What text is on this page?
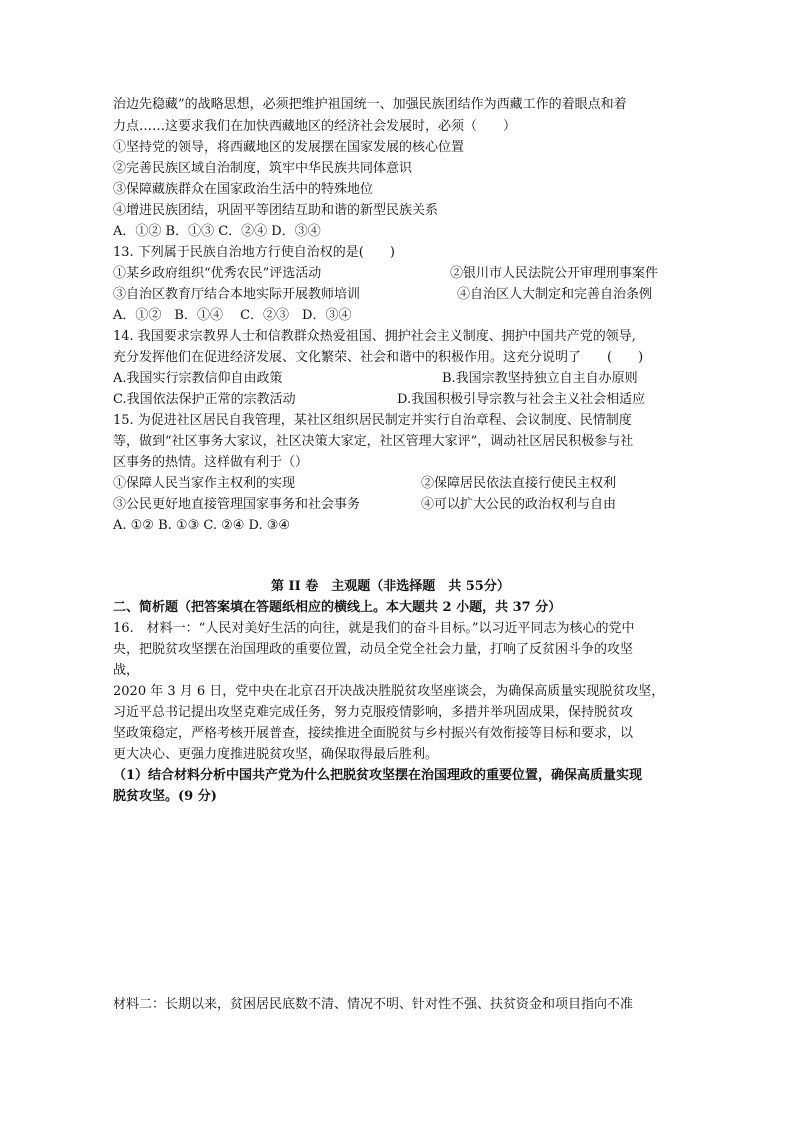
治边先稳藏”的战略思想，必须把维护祖国统一、加强民族团结作为西藏工作的着眼点和着
力点……这要求我们在加快西藏地区的经济社会发展时，必须（　　）
①坚持党的领导，将西藏地区的发展摆在国家发展的核心位置
②完善民族区域自治制度，筑牢中华民族共同体意识
③保障藏族群众在国家政治生活中的特殊地位
④增进民族团结，巩固平等团结互助和谐的新型民族关系
A．①② B．①③ C．②④ D．③④
13. 下列属于民族自治地方行使自治权的是(　　)
①某乡政府组织“优秀农民”评选活动	②银川市人民法院公开审理刑事案件
③自治区教育厅结合本地实际开展教师培训	④自治区人大制定和完善自治条例
A．①②　B．①④　 C．②③　D．③④
14. 我国要求宗教界人士和信教群众热爱祖国、拥护社会主义制度、拥护中国共产党的领导,
充分发挥他们在促进经济发展、文化繁荣、社会和谐中的积极作用。这充分说明了　　(　　)
A.我国实行宗教信仰自由政策	B.我国宗教坚持独立自主自办原则
C.我国依法保护正常的宗教活动	D.我国积极引导宗教与社会主义社会相适应
15. 为促进社区居民自我管理，某社区组织居民制定并实行自治章程、会议制度、民情制度
等，做到“社区事务大家议，社区决策大家定，社区管理大家评”，调动社区居民积极参与社
区事务的热情。这样做有利于（）
①保障人民当家作主权利的实现	②保障居民依法直接行使民主权利
③公民更好地直接管理国家事务和社会事务	④可以扩大公民的政治权利与自由
A. ①② B. ①③ C. ②④ D. ③④
第 II 卷　主观题（非选择题　共 55分）
二、简析题（把答案填在答题纸相应的横线上。本大题共 2 小题，共 37 分）
16.　材料一：“人民对美好生活的向往，就是我们的奋斗目标。”以习近平同志为核心的党中
央，把脱贫攻坚摆在治国理政的重要位置，动员全党全社会力量，打响了反贫困斗争的攻坚
战，
2020 年 3 月 6 日，党中央在北京召开决战决胜脱贫攻坚座谈会，为确保高质量实现脱贫攻坚，
习近平总书记提出攻坚克难完成任务，努力克服疫情影响，多措并举巩固成果，保持脱贫攻
坚政策稳定，严格考核开展普查，接续推进全面脱贫与乡村振兴有效衔接等目标和要求，以
更大决心、更强力度推进脱贫攻坚，确保取得最后胜利。
（1）结合材料分析中国共产党为什么把脱贫攻坚摆在治国理政的重要位置，确保高质量实现
脱贫攻坚。(9 分)
材料二：长期以来，贫困居民底数不清、情况不明、针对性不强、扶贫资金和项目指向不准
